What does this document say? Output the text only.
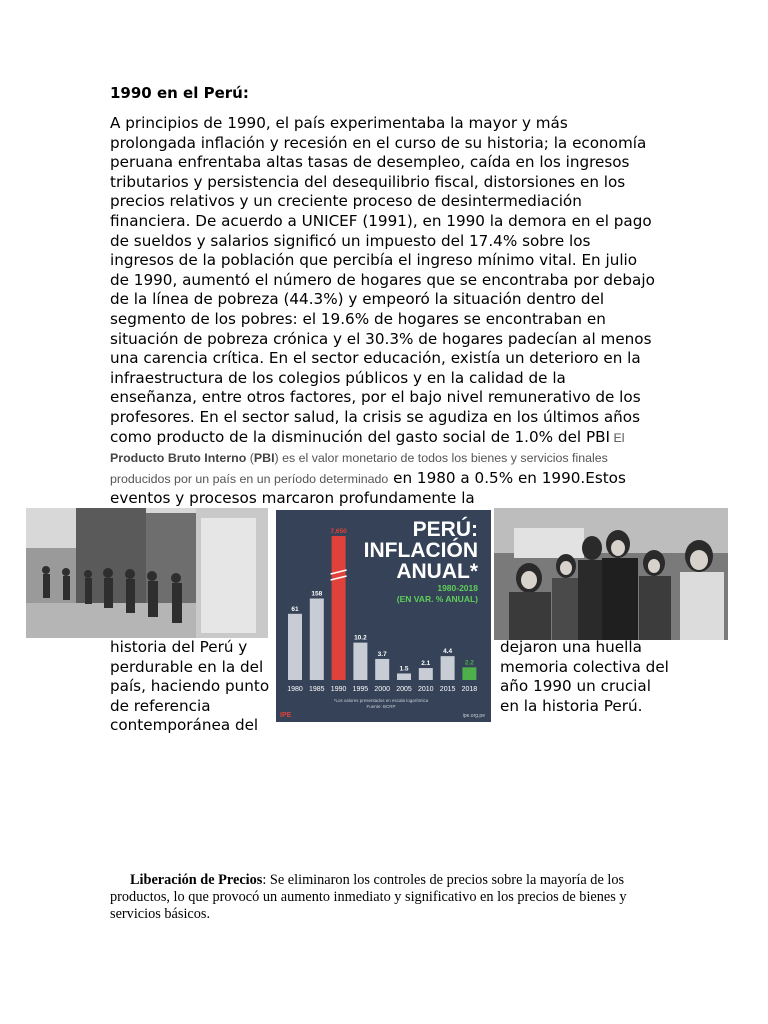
1990 en el Perú:

A principios de 1990, el país experimentaba la mayor y más prolongada inflación y recesión en el curso de su historia; la economía peruana enfrentaba altas tasas de desempleo, caída en los ingresos tributarios y persistencia del desequilibrio fiscal, distorsiones en los precios relativos y un creciente proceso de desintermediación financiera. De acuerdo a UNICEF (1991), en 1990 la demora en el pago de sueldos y salarios significó un impuesto del 17.4% sobre los ingresos de la población que percibía el ingreso mínimo vital. En julio de 1990, aumentó el número de hogares que se encontraba por debajo de la línea de pobreza (44.3%) y empeoró la situación dentro del segmento de los pobres: el 19.6% de hogares se encontraban en situación de pobreza crónica y el 30.3% de hogares padecían al menos una carencia crítica. En el sector educación, existía un deterioro en la infraestructura de los colegios públicos y en la calidad de la enseñanza, entre otros factores, por el bajo nivel remunerativo de los profesores. En el sector salud, la crisis se agudiza en los últimos años como producto de la disminución del gasto social de 1.0% del PBI El Producto Bruto Interno (PBI) es el valor monetario de todos los bienes y servicios finales producidos por un país en un período determinado en 1980 a 0.5% en 1990.Estos eventos y procesos marcaron profundamente la

PERÚ:
INFLACIÓN
ANUAL*
1980-2018
(EN VAR. % ANUAL)
61
1980
158
1985
7,650
1990
10.2
1995
3.7
2000
1.5
2005
2.1
2010
4.4
2015
2.2
2018
*Los valores presentados en escala logarítmica
Fuente: BCRP
IPE	ipe.org.pe

historia del Perú y perdurable en la del país, haciendo punto de referencia contemporánea del

dejaron una huella memoria colectiva del año 1990 un crucial en la historia Perú.

Liberación de Precios: Se eliminaron los controles de precios sobre la mayoría de los productos, lo que provocó un aumento inmediato y significativo en los precios de bienes y servicios básicos.
